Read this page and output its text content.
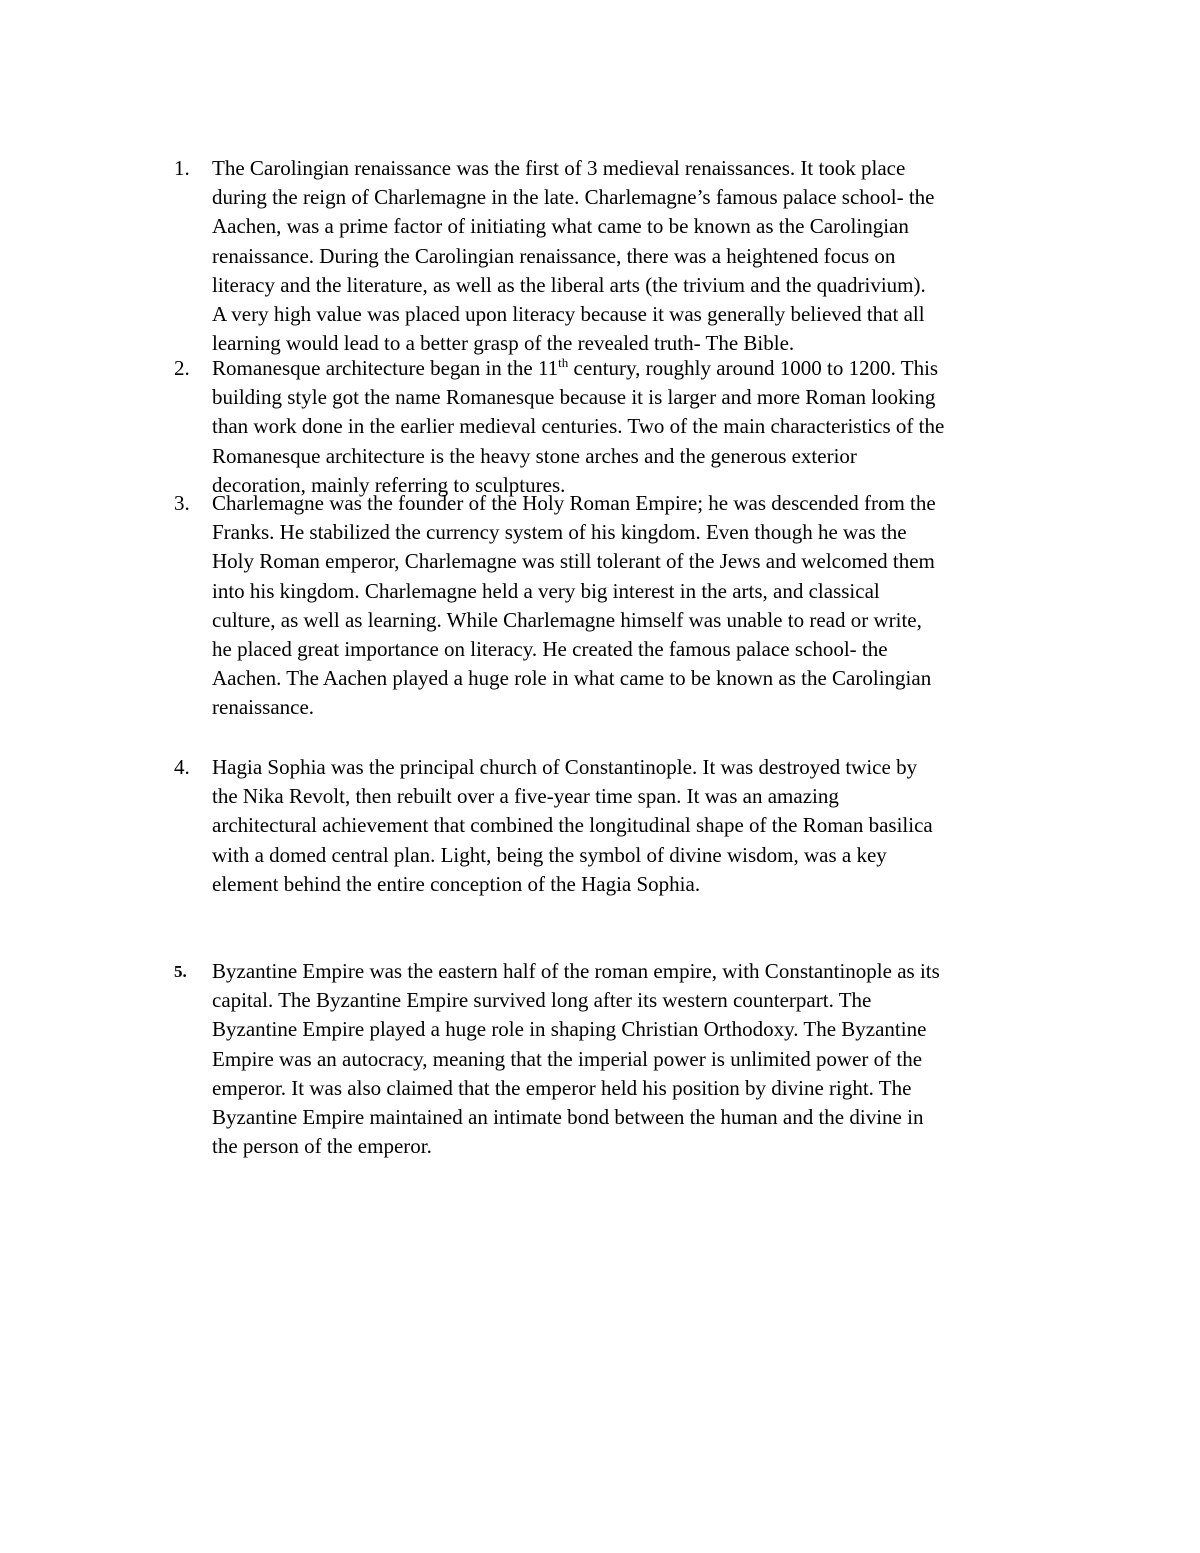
1.	The Carolingian renaissance was the first of 3 medieval renaissances. It took place
during the reign of Charlemagne in the late. Charlemagne’s famous palace school- the
Aachen, was a prime factor of initiating what came to be known as the Carolingian
renaissance. During the Carolingian renaissance, there was a heightened focus on
literacy and the literature, as well as the liberal arts (the trivium and the quadrivium).
A very high value was placed upon literacy because it was generally believed that all
learning would lead to a better grasp of the revealed truth- The Bible.
2.	Romanesque architecture began in the 11th century, roughly around 1000 to 1200. This
building style got the name Romanesque because it is larger and more Roman looking
than work done in the earlier medieval centuries. Two of the main characteristics of the
Romanesque architecture is the heavy stone arches and the generous exterior
decoration, mainly referring to sculptures.
3.	Charlemagne was the founder of the Holy Roman Empire; he was descended from the
Franks. He stabilized the currency system of his kingdom. Even though he was the
Holy Roman emperor, Charlemagne was still tolerant of the Jews and welcomed them
into his kingdom. Charlemagne held a very big interest in the arts, and classical
culture, as well as learning. While Charlemagne himself was unable to read or write,
he placed great importance on literacy. He created the famous palace school- the
Aachen. The Aachen played a huge role in what came to be known as the Carolingian
renaissance.
4.	Hagia Sophia was the principal church of Constantinople. It was destroyed twice by
the Nika Revolt, then rebuilt over a five-year time span. It was an amazing
architectural achievement that combined the longitudinal shape of the Roman basilica
with a domed central plan. Light, being the symbol of divine wisdom, was a key
element behind the entire conception of the Hagia Sophia.
5.	Byzantine Empire was the eastern half of the roman empire, with Constantinople as its
capital. The Byzantine Empire survived long after its western counterpart. The
Byzantine Empire played a huge role in shaping Christian Orthodoxy. The Byzantine
Empire was an autocracy, meaning that the imperial power is unlimited power of the
emperor. It was also claimed that the emperor held his position by divine right. The
Byzantine Empire maintained an intimate bond between the human and the divine in
the person of the emperor.
